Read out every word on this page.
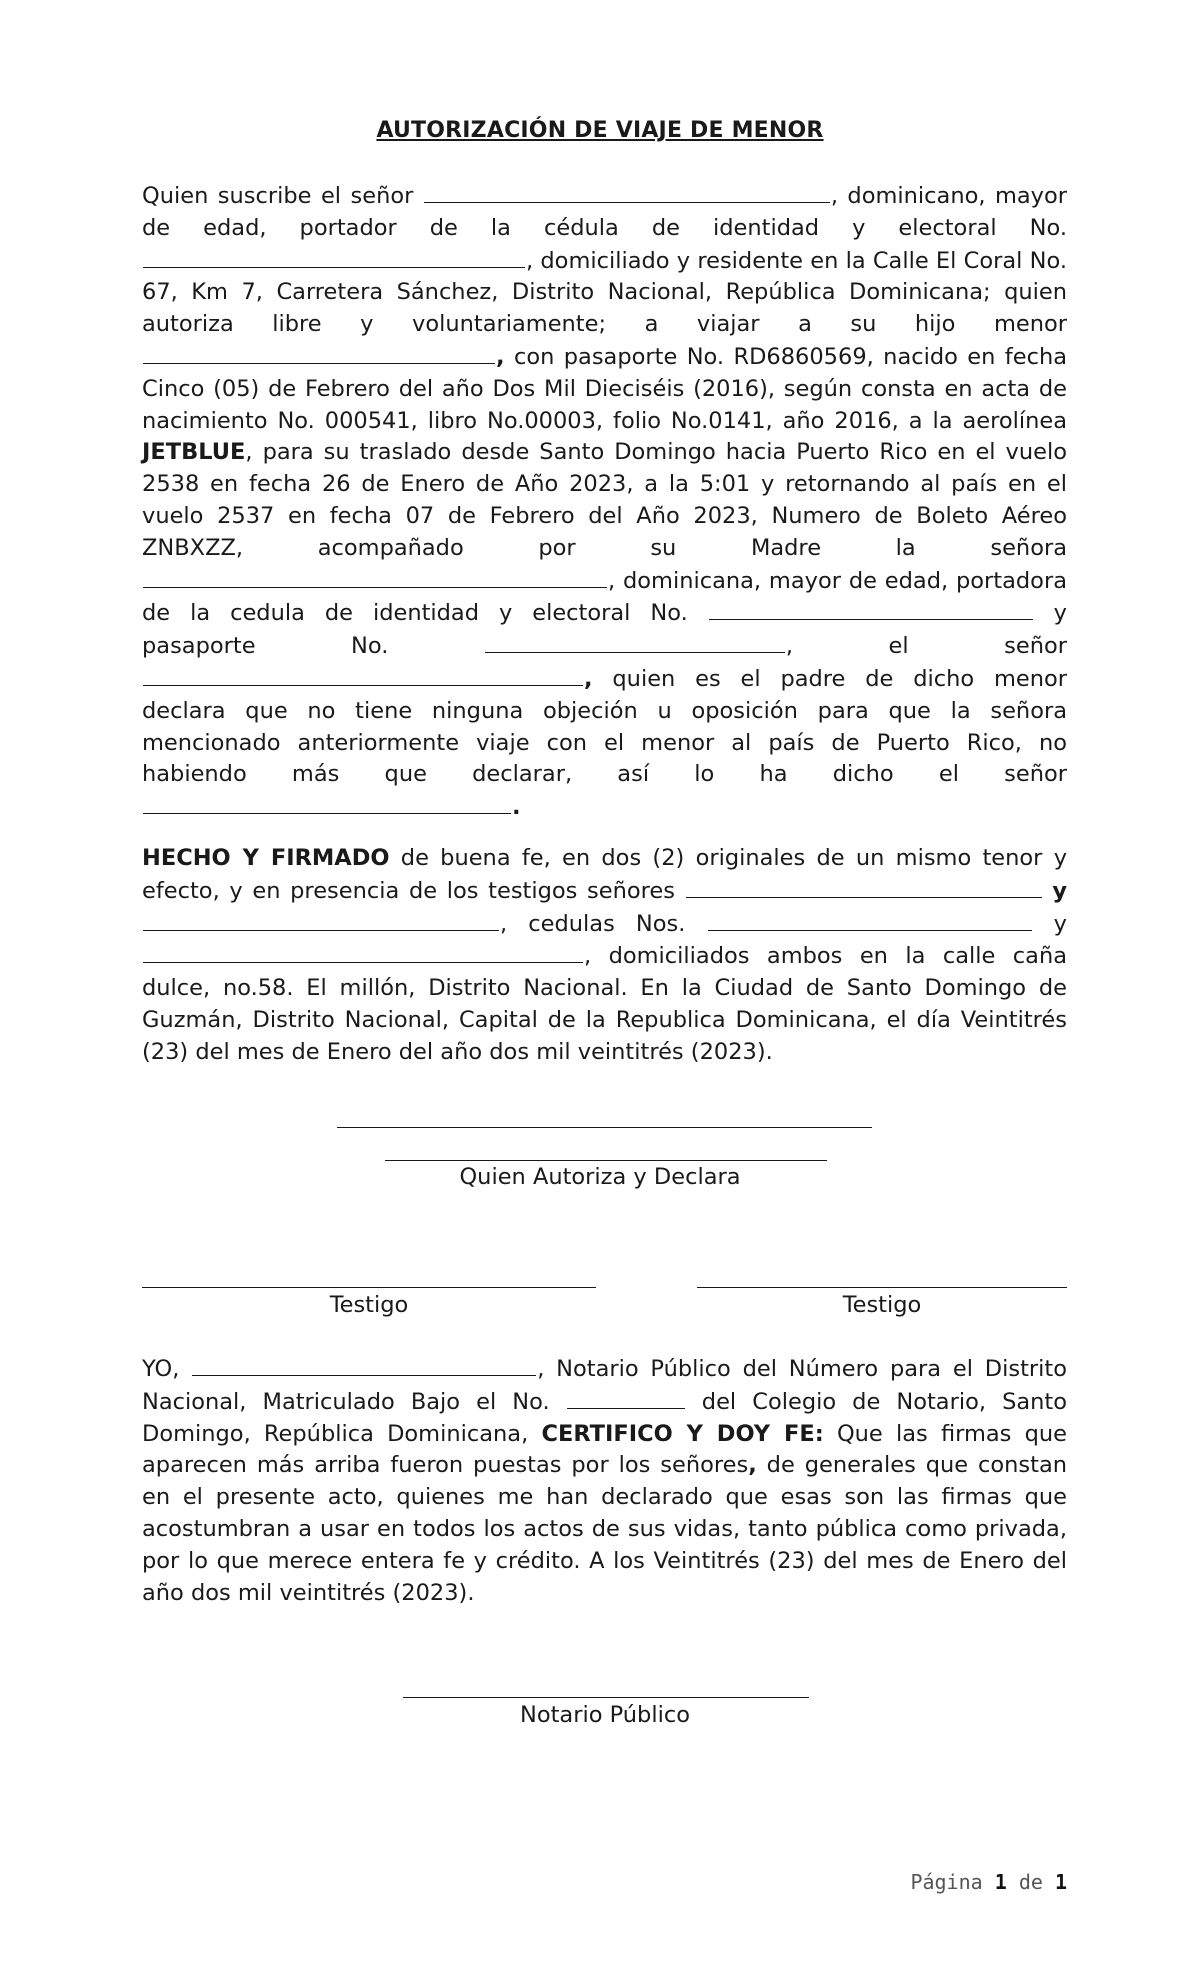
AUTORIZACIÓN DE VIAJE DE MENOR

Quien suscribe el señor	, dominicano, mayor de edad, portador de la cédula de identidad y electoral No. , domiciliado y residente en la Calle El Coral No. 67, Km 7, Carretera Sánchez, Distrito Nacional, República Dominicana; quien autoriza libre y voluntariamente; a viajar a su hijo menor , con pasaporte No. RD6860569, nacido en fecha Cinco (05) de Febrero del año Dos Mil Dieciséis (2016), según consta en acta de nacimiento No. 000541, libro No.00003, folio No.0141, año 2016, a la aerolínea JETBLUE, para su traslado desde Santo Domingo hacia Puerto Rico en el vuelo 2538 en fecha 26 de Enero de Año 2023, a la 5:01 y retornando al país en el vuelo 2537 en fecha 07 de Febrero del Año 2023, Numero de Boleto Aéreo ZNBXZZ, acompañado por su Madre la señora , dominicana, mayor de edad, portadora de la cedula de identidad y electoral No.	y pasaporte No.	, el señor , quien es el padre de dicho menor declara que no tiene ninguna objeción u oposición para que la señora mencionado anteriormente viaje con el menor al país de Puerto Rico, no habiendo más que declarar, así lo ha dicho el señor .

HECHO Y FIRMADO de buena fe, en dos (2) originales de un mismo tenor y efecto, y en presencia de los testigos señores	y , cedulas Nos.	y , domiciliados ambos en la calle caña dulce, no.58. El millón, Distrito Nacional. En la Ciudad de Santo Domingo de Guzmán, Distrito Nacional, Capital de la Republica Dominicana, el día Veintitrés (23) del mes de Enero del año dos mil veintitrés (2023).

Quien Autoriza y Declara
Testigo	Testigo

YO,	, Notario Público del Número para el Distrito Nacional, Matriculado Bajo el No.	del Colegio de Notario, Santo Domingo, República Dominicana, CERTIFICO Y DOY FE: Que las firmas que aparecen más arriba fueron puestas por los señores, de generales que constan en el presente acto, quienes me han declarado que esas son las firmas que acostumbran a usar en todos los actos de sus vidas, tanto pública como privada, por lo que merece entera fe y crédito. A los Veintitrés (23) del mes de Enero del año dos mil veintitrés (2023).

Notario Público
Página 1 de 1
